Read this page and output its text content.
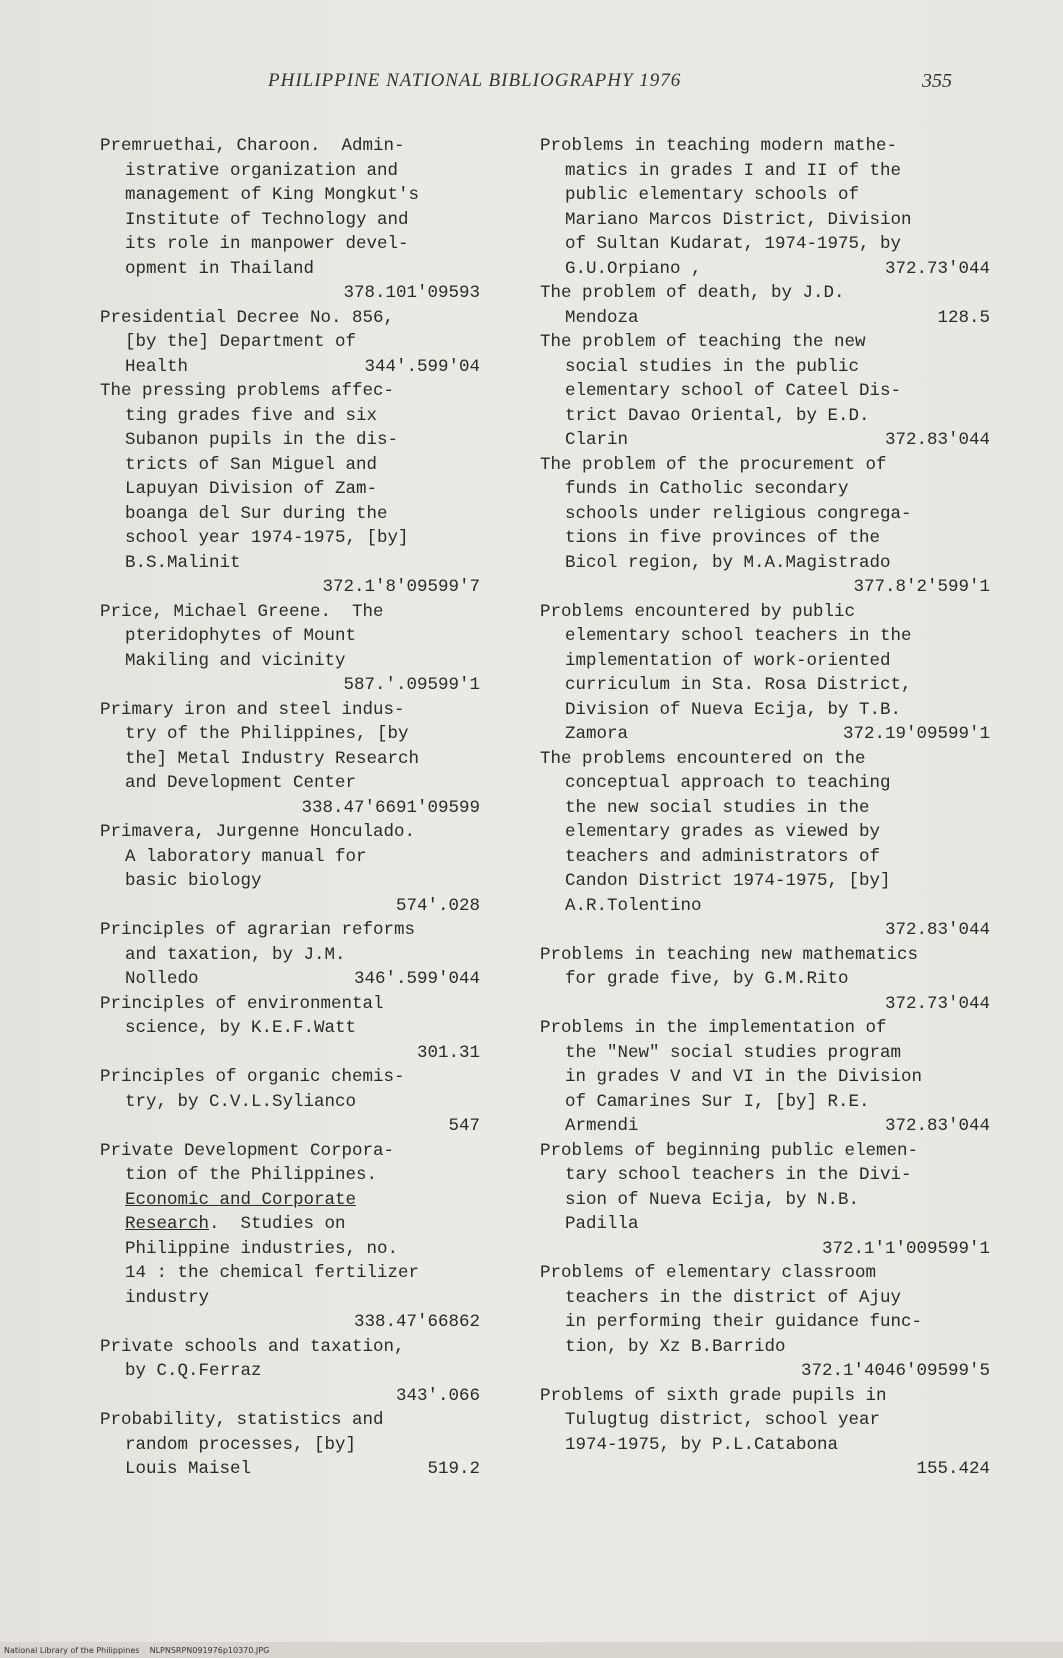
PHILIPPINE NATIONAL BIBLIOGRAPHY 1976	355
Premruethai, Charoon.  Admin-
istrative organization and
management of King Mongkut's
Institute of Technology and
its role in manpower devel-
opment in Thailand
378.101'09593
Presidential Decree No. 856,
[by the] Department of
Health	344'.599'04
The pressing problems affec-
ting grades five and six
Subanon pupils in the dis-
tricts of San Miguel and
Lapuyan Division of Zam-
boanga del Sur during the
school year 1974-1975, [by]
B.S.Malinit
372.1'8'09599'7
Price, Michael Greene.  The
pteridophytes of Mount
Makiling and vicinity
587.'.09599'1
Primary iron and steel indus-
try of the Philippines, [by
the] Metal Industry Research
and Development Center
338.47'6691'09599
Primavera, Jurgenne Honculado.
A laboratory manual for
basic biology
574'.028
Principles of agrarian reforms
and taxation, by J.M.
Nolledo	346'.599'044
Principles of environmental
science, by K.E.F.Watt
301.31
Principles of organic chemis-
try, by C.V.L.Sylianco
547
Private Development Corpora-
tion of the Philippines.
Economic and Corporate
Research.  Studies on
Philippine industries, no.
14 : the chemical fertilizer
industry
338.47'66862
Private schools and taxation,
by C.Q.Ferraz
343'.066
Probability, statistics and
random processes, [by]
Louis Maisel	519.2
Problems in teaching modern mathe-
matics in grades I and II of the
public elementary schools of
Mariano Marcos District, Division
of Sultan Kudarat, 1974-1975, by
G.U.Orpiano ,	372.73'044
The problem of death, by J.D.
Mendoza	128.5
The problem of teaching the new
social studies in the public
elementary school of Cateel Dis-
trict Davao Oriental, by E.D.
Clarin	372.83'044
The problem of the procurement of
funds in Catholic secondary
schools under religious congrega-
tions in five provinces of the
Bicol region, by M.A.Magistrado
377.8'2'599'1
Problems encountered by public
elementary school teachers in the
implementation of work-oriented
curriculum in Sta. Rosa District,
Division of Nueva Ecija, by T.B.
Zamora	372.19'09599'1
The problems encountered on the
conceptual approach to teaching
the new social studies in the
elementary grades as viewed by
teachers and administrators of
Candon District 1974-1975, [by]
A.R.Tolentino
372.83'044
Problems in teaching new mathematics
for grade five, by G.M.Rito
372.73'044
Problems in the implementation of
the "New" social studies program
in grades V and VI in the Division
of Camarines Sur I, [by] R.E.
Armendi	372.83'044
Problems of beginning public elemen-
tary school teachers in the Divi-
sion of Nueva Ecija, by N.B.
Padilla
372.1'1'009599'1
Problems of elementary classroom
teachers in the district of Ajuy
in performing their guidance func-
tion, by Xz B.Barrido
372.1'4046'09599'5
Problems of sixth grade pupils in
Tulugtug district, school year
1974-1975, by P.L.Catabona
155.424
National Library of the Philippines NLPNSRPN091976p10370.JPG
